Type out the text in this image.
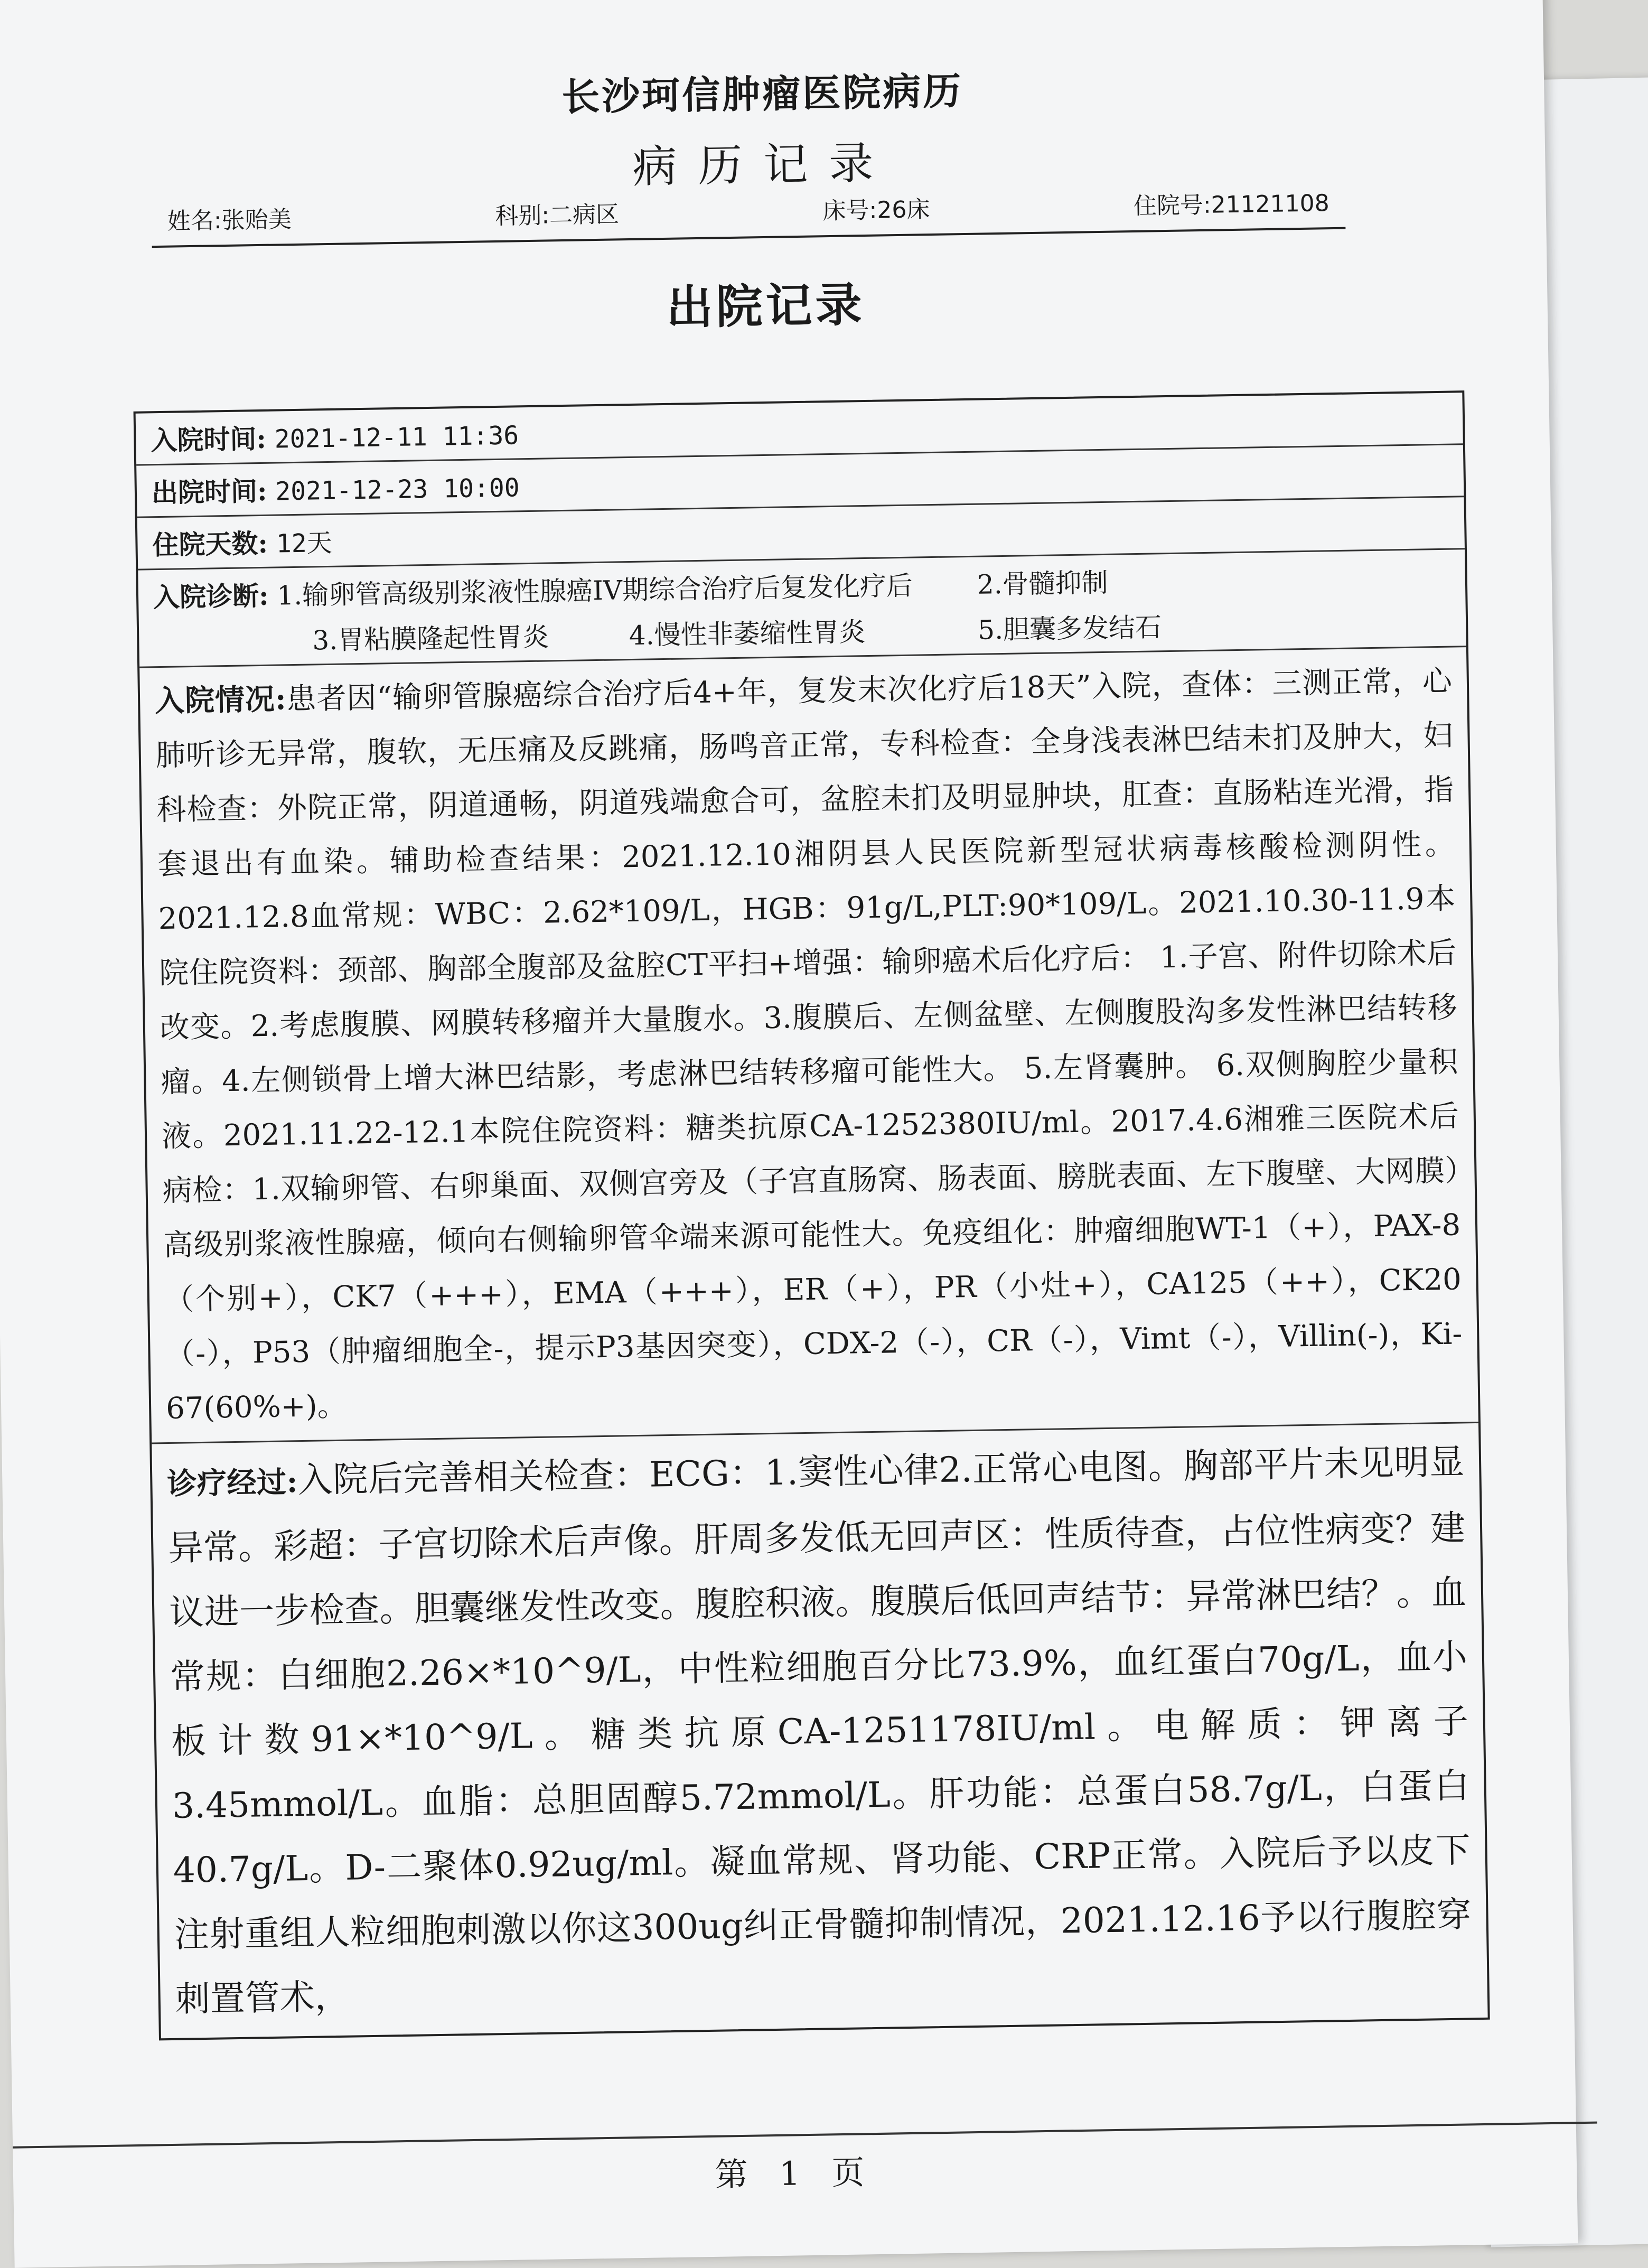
长沙珂信肿瘤医院病历
病历记录
姓名:张贻美	科别:二病区	床号:26床	住院号:21121108
出院记录
入院时间: 2021-12-11 11:36
出院时间: 2021-12-23 10:00
住院天数: 12天
入院诊断: 1.输卵管高级别浆液性腺癌IV期综合治疗后复发化疗后	2.骨髓抑制
3.胃粘膜隆起性胃炎	4.慢性非萎缩性胃炎	5.胆囊多发结石
入院情况:患者因“输卵管腺癌综合治疗后4+年，复发末次化疗后18天”入院，查体：三测正常，心肺听诊无异常，腹软，无压痛及反跳痛，肠鸣音正常，专科检查：全身浅表淋巴结未扪及肿大，妇科检查：外院正常，阴道通畅，阴道残端愈合可，盆腔未扪及明显肿块，肛查：直肠粘连光滑，指套退出有血染。辅助检查结果：2021.12.10湘阴县人民医院新型冠状病毒核酸检测阴性。2021.12.8血常规：WBC：2.62*109/L，HGB：91g/L,PLT:90*109/L。2021.10.30-11.9本院住院资料：颈部、胸部全腹部及盆腔CT平扫+增强：输卵癌术后化疗后： 1.子宫、附件切除术后改变。2.考虑腹膜、网膜转移瘤并大量腹水。3.腹膜后、左侧盆壁、左侧腹股沟多发性淋巴结转移瘤。4.左侧锁骨上增大淋巴结影，考虑淋巴结转移瘤可能性大。 5.左肾囊肿。 6.双侧胸腔少量积液。2021.11.22-12.1本院住院资料：糖类抗原CA-1252380IU/ml。2017.4.6湘雅三医院术后病检：1.双输卵管、右卵巢面、双侧宫旁及（子宫直肠窝、肠表面、膀胱表面、左下腹壁、大网膜）高级别浆液性腺癌，倾向右侧输卵管伞端来源可能性大。免疫组化：肿瘤细胞WT-1（+），PAX-8（个别+），CK7（+++），EMA（+++），ER（+），PR（小灶+），CA125（++），CK20（-），P53（肿瘤细胞全-，提示P3基因突变），CDX-2（-），CR（-），Vimt（-），Villin(-)，Ki-67(60%+)。
诊疗经过:入院后完善相关检查：ECG：1.窦性心律2.正常心电图。胸部平片未见明显异常。彩超：子宫切除术后声像。肝周多发低无回声区：性质待查，占位性病变？建议进一步检查。胆囊继发性改变。腹腔积液。腹膜后低回声结节：异常淋巴结？。血常规：白细胞2.26×*10^9/L，中性粒细胞百分比73.9%，血红蛋白70g/L，血小板计数91×*10^9/L。糖类抗原CA-1251178IU/ml。电解质：钾离子3.45mmol/L。血脂：总胆固醇5.72mmol/L。肝功能：总蛋白58.7g/L，白蛋白40.7g/L。D-二聚体0.92ug/ml。凝血常规、肾功能、CRP正常。入院后予以皮下注射重组人粒细胞刺激以你这300ug纠正骨髓抑制情况，2021.12.16予以行腹腔穿刺置管术，
第 1 页
